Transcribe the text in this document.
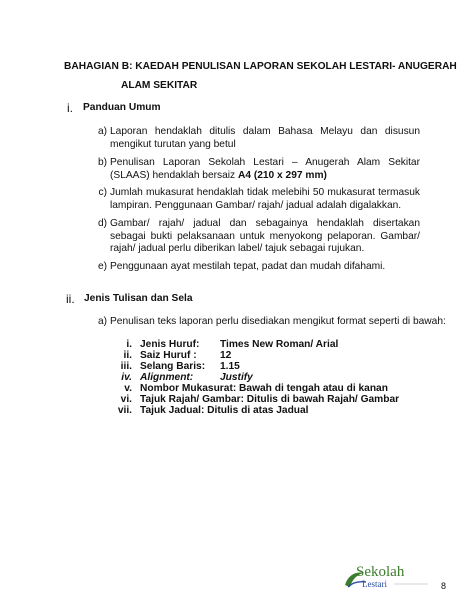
BAHAGIAN B: KAEDAH PENULISAN LAPORAN SEKOLAH LESTARI- ANUGERAH
ALAM SEKITAR
i. Panduan Umum
a) Laporan hendaklah ditulis dalam Bahasa Melayu dan disusun mengikut turutan yang betul
b) Penulisan Laporan Sekolah Lestari – Anugerah Alam Sekitar (SLAAS) hendaklah bersaiz A4 (210 x 297 mm)
c) Jumlah mukasurat hendaklah tidak melebihi 50 mukasurat termasuk lampiran. Penggunaan Gambar/ rajah/ jadual adalah digalakkan.
d) Gambar/ rajah/ jadual dan sebagainya hendaklah disertakan sebagai bukti pelaksanaan untuk menyokong pelaporan. Gambar/ rajah/ jadual perlu diberikan label/ tajuk sebagai rujukan.
e) Penggunaan ayat mestilah tepat, padat dan mudah difahami.
ii. Jenis Tulisan dan Sela
a) Penulisan teks laporan perlu disediakan mengikut format seperti di bawah:
i. Jenis Huruf: Times New Roman/ Arial
ii. Saiz Huruf : 12
iii. Selang Baris: 1.15
iv. Alignment:	Justify
v. Nombor Mukasurat: Bawah di tengah atau di kanan
vi. Tajuk Rajah/ Gambar: Ditulis di bawah Rajah/ Gambar
vii. Tajuk Jadual: Ditulis di atas Jadual
Sekolah
Lestari	8
